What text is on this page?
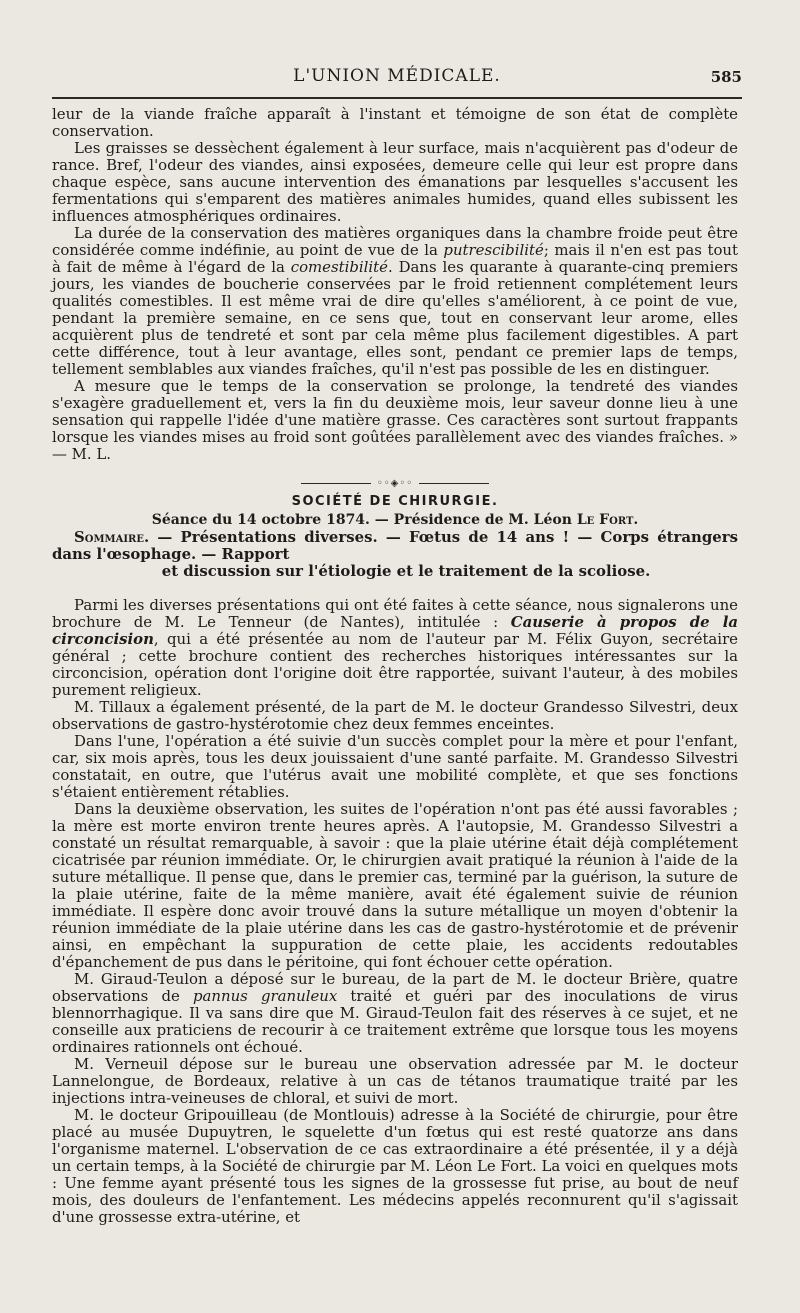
L'UNION MÉDICALE.	585

leur de la viande fraîche apparaît à l'instant et témoigne de son état de complète conservation.

Les graisses se dessèchent également à leur surface, mais n'acquièrent pas d'odeur de rance. Bref, l'odeur des viandes, ainsi exposées, demeure celle qui leur est propre dans chaque espèce, sans aucune intervention des émanations par lesquelles s'accusent les fermentations qui s'emparent des matières animales humides, quand elles subissent les influences atmosphériques ordinaires.

La durée de la conservation des matières organiques dans la chambre froide peut être considérée comme indéfinie, au point de vue de la putrescibilité; mais il n'en est pas tout à fait de même à l'égard de la comestibilité. Dans les quarante à quarante-cinq premiers jours, les viandes de boucherie conservées par le froid retiennent complétement leurs qualités comestibles. Il est même vrai de dire qu'elles s'améliorent, à ce point de vue, pendant la première semaine, en ce sens que, tout en conservant leur arome, elles acquièrent plus de tendreté et sont par cela même plus facilement digestibles. A part cette différence, tout à leur avantage, elles sont, pendant ce premier laps de temps, tellement semblables aux viandes fraîches, qu'il n'est pas possible de les en distinguer.

A mesure que le temps de la conservation se prolonge, la tendreté des viandes s'exagère graduellement et, vers la fin du deuxième mois, leur saveur donne lieu à une sensation qui rappelle l'idée d'une matière grasse. Ces caractères sont surtout frappants lorsque les viandes mises au froid sont goûtées parallèlement avec des viandes fraîches. » — M. L.

◦◦◈◦◦
SOCIÉTÉ DE CHIRURGIE.
Séance du 14 octobre 1874. — Présidence de M. Léon Le Fort.

Sommaire. — Présentations diverses. — Fœtus de 14 ans ! — Corps étrangers dans l'œsophage. — Rapport

et discussion sur l'étiologie et le traitement de la scoliose.

Parmi les diverses présentations qui ont été faites à cette séance, nous signalerons une brochure de M. Le Tenneur (de Nantes), intitulée : Causerie à propos de la circoncision, qui a été présentée au nom de l'auteur par M. Félix Guyon, secrétaire général ; cette brochure contient des recherches historiques intéressantes sur la circoncision, opération dont l'origine doit être rapportée, suivant l'auteur, à des mobiles purement religieux.

M. Tillaux a également présenté, de la part de M. le docteur Grandesso Silvestri, deux observations de gastro-hystérotomie chez deux femmes enceintes.

Dans l'une, l'opération a été suivie d'un succès complet pour la mère et pour l'enfant, car, six mois après, tous les deux jouissaient d'une santé parfaite. M. Grandesso Silvestri constatait, en outre, que l'utérus avait une mobilité complète, et que ses fonctions s'étaient entièrement rétablies.

Dans la deuxième observation, les suites de l'opération n'ont pas été aussi favorables ; la mère est morte environ trente heures après. A l'autopsie, M. Grandesso Silvestri a constaté un résultat remarquable, à savoir : que la plaie utérine était déjà complétement cicatrisée par réunion immédiate. Or, le chirurgien avait pratiqué la réunion à l'aide de la suture métallique. Il pense que, dans le premier cas, terminé par la guérison, la suture de la plaie utérine, faite de la même manière, avait été également suivie de réunion immédiate. Il espère donc avoir trouvé dans la suture métallique un moyen d'obtenir la réunion immédiate de la plaie utérine dans les cas de gastro-hystérotomie et de prévenir ainsi, en empêchant la suppuration de cette plaie, les accidents redoutables d'épanchement de pus dans le péritoine, qui font échouer cette opération.

M. Giraud-Teulon a déposé sur le bureau, de la part de M. le docteur Brière, quatre observations de pannus granuleux traité et guéri par des inoculations de virus blennorrhagique. Il va sans dire que M. Giraud-Teulon fait des réserves à ce sujet, et ne conseille aux praticiens de recourir à ce traitement extrême que lorsque tous les moyens ordinaires rationnels ont échoué.

M. Verneuil dépose sur le bureau une observation adressée par M. le docteur Lannelongue, de Bordeaux, relative à un cas de tétanos traumatique traité par les injections intra-veineuses de chloral, et suivi de mort.

M. le docteur Gripouilleau (de Montlouis) adresse à la Société de chirurgie, pour être placé au musée Dupuytren, le squelette d'un fœtus qui est resté quatorze ans dans l'organisme maternel. L'observation de ce cas extraordinaire a été présentée, il y a déjà un certain temps, à la Société de chirurgie par M. Léon Le Fort. La voici en quelques mots : Une femme ayant présenté tous les signes de la grossesse fut prise, au bout de neuf mois, des douleurs de l'enfantement. Les médecins appelés reconnurent qu'il s'agissait d'une grossesse extra-utérine, et
